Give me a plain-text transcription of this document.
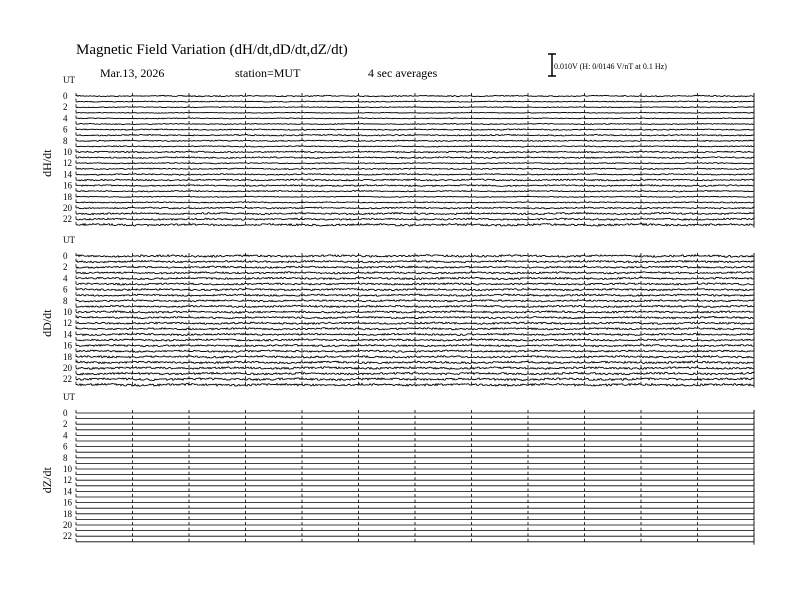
Magnetic Field Variation (dH/dt,dD/dt,dZ/dt)
Mar.13, 2026	station=MUT	4 sec averages	0.010V (H: 0/0146 V/nT at 0.1 Hz)
UT
dH/dt
0
2
4
6
8
10
12
14
16
18
20
22
UT
dD/dt
0
2
4
6
8
10
12
14
16
18
20
22
UT
dZ/dt
0
2
4
6
8
10
12
14
16
18
20
22
